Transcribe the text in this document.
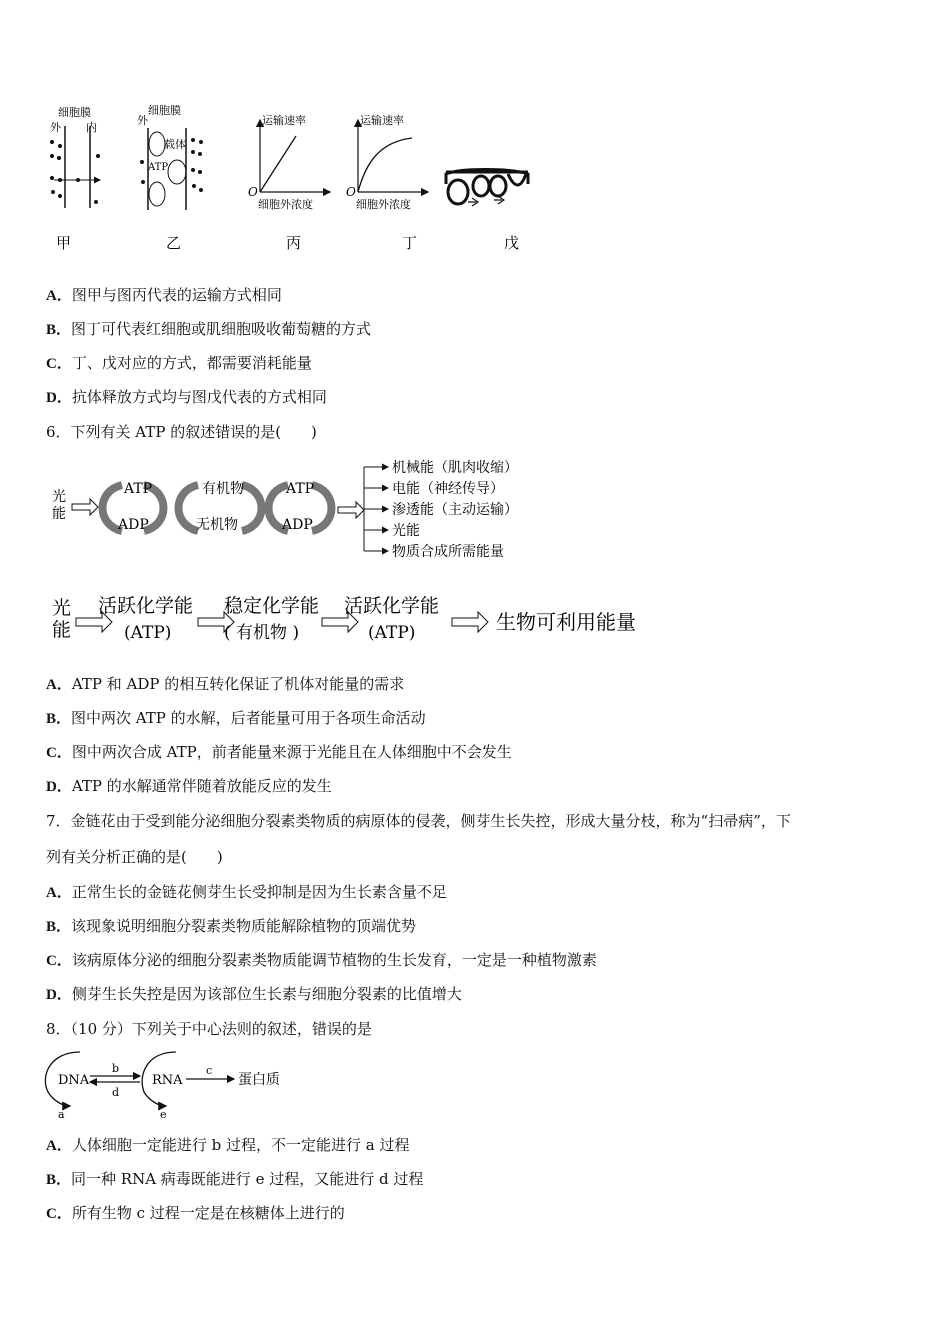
细胞膜
外 内
甲
细胞膜
外
载体
ATP
乙
运输速率
O
细胞外浓度
丙
运输速率
O
细胞外浓度
丁	戊
A．图甲与图丙代表的运输方式相同
B．图丁可代表红细胞或肌细胞吸收葡萄糖的方式
C．丁、戊对应的方式，都需要消耗能量
D．抗体释放方式均与图戊代表的方式相同
6．下列有关 ATP 的叙述错误的是(　　)
光
能
ATP
ADP
有机物
无机物
ATP
ADP
机械能（肌肉收缩）
电能（神经传导）
渗透能（主动运输）
光能
物质合成所需能量
光
能
活跃化学能
(ATP)
稳定化学能
( 有机物 )
活跃化学能
(ATP)	生物可利用能量
A．ATP 和 ADP 的相互转化保证了机体对能量的需求
B．图中两次 ATP 的水解，后者能量可用于各项生命活动
C．图中两次合成 ATP，前者能量来源于光能且在人体细胞中不会发生
D．ATP 的水解通常伴随着放能反应的发生
7．金链花由于受到能分泌细胞分裂素类物质的病原体的侵袭，侧芽生长失控，形成大量分枝，称为“扫帚病”，下
列有关分析正确的是(　　)
A．正常生长的金链花侧芽生长受抑制是因为生长素含量不足
B．该现象说明细胞分裂素类物质能解除植物的顶端优势
C．该病原体分泌的细胞分裂素类物质能调节植物的生长发育，一定是一种植物激素
D．侧芽生长失控是因为该部位生长素与细胞分裂素的比值增大
8．（10 分）下列关于中心法则的叙述，错误的是
DNA
a
b
d
RNA
e
c
蛋白质
A．人体细胞一定能进行 b 过程，不一定能进行 a 过程
B．同一种 RNA 病毒既能进行 e 过程，又能进行 d 过程
C．所有生物 c 过程一定是在核糖体上进行的
